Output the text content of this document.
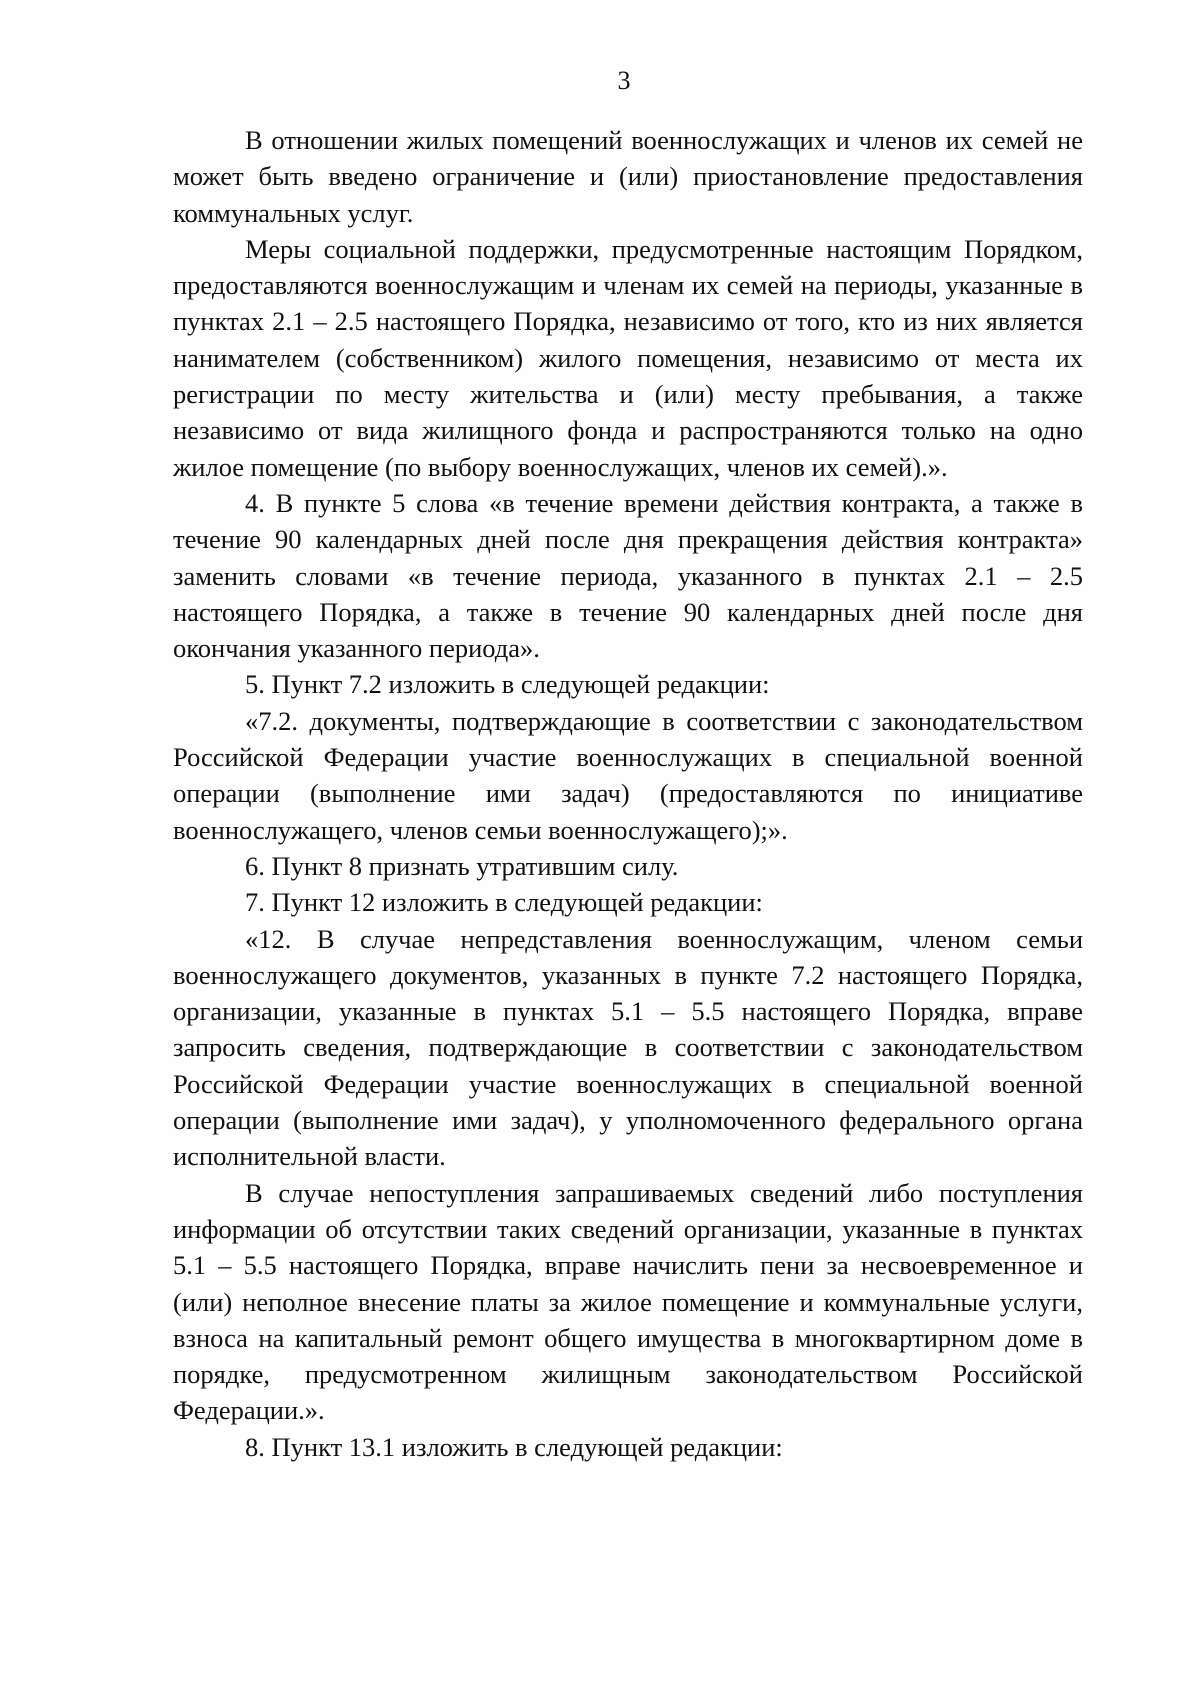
3

В отношении жилых помещений военнослужащих и членов их семей не может быть введено ограничение и (или) приостановление предоставления коммунальных услуг.

Меры социальной поддержки, предусмотренные настоящим Порядком, предоставляются военнослужащим и членам их семей на периоды, указанные в пунктах 2.1 – 2.5 настоящего Порядка, независимо от того, кто из них является нанимателем (собственником) жилого помещения, независимо от места их регистрации по месту жительства и (или) месту пребывания, а также независимо от вида жилищного фонда и распространяются только на одно жилое помещение (по выбору военнослужащих, членов их семей).».

4. В пункте 5 слова «в течение времени действия контракта, а также в течение 90 календарных дней после дня прекращения действия контракта» заменить словами «в течение периода, указанного в пунктах 2.1 – 2.5 настоящего Порядка, а также в течение 90 календарных дней после дня окончания указанного периода».

5. Пункт 7.2 изложить в следующей редакции:

«7.2. документы, подтверждающие в соответствии с законодательством Российской Федерации участие военнослужащих в специальной военной операции (выполнение ими задач) (предоставляются по инициативе военнослужащего, членов семьи военнослужащего);».

6. Пункт 8 признать утратившим силу.

7. Пункт 12 изложить в следующей редакции:

«12. В случае непредставления военнослужащим, членом семьи военнослужащего документов, указанных в пункте 7.2 настоящего Порядка, организации, указанные в пунктах 5.1 – 5.5 настоящего Порядка, вправе запросить сведения, подтверждающие в соответствии с законодательством Российской Федерации участие военнослужащих в специальной военной операции (выполнение ими задач), у уполномоченного федерального органа исполнительной власти.

В случае непоступления запрашиваемых сведений либо поступления информации об отсутствии таких сведений организации, указанные в пунктах 5.1 – 5.5 настоящего Порядка, вправе начислить пени за несвоевременное и (или) неполное внесение платы за жилое помещение и коммунальные услуги, взноса на капитальный ремонт общего имущества в многоквартирном доме в порядке, предусмотренном жилищным законодательством Российской Федерации.».

8. Пункт 13.1 изложить в следующей редакции:
